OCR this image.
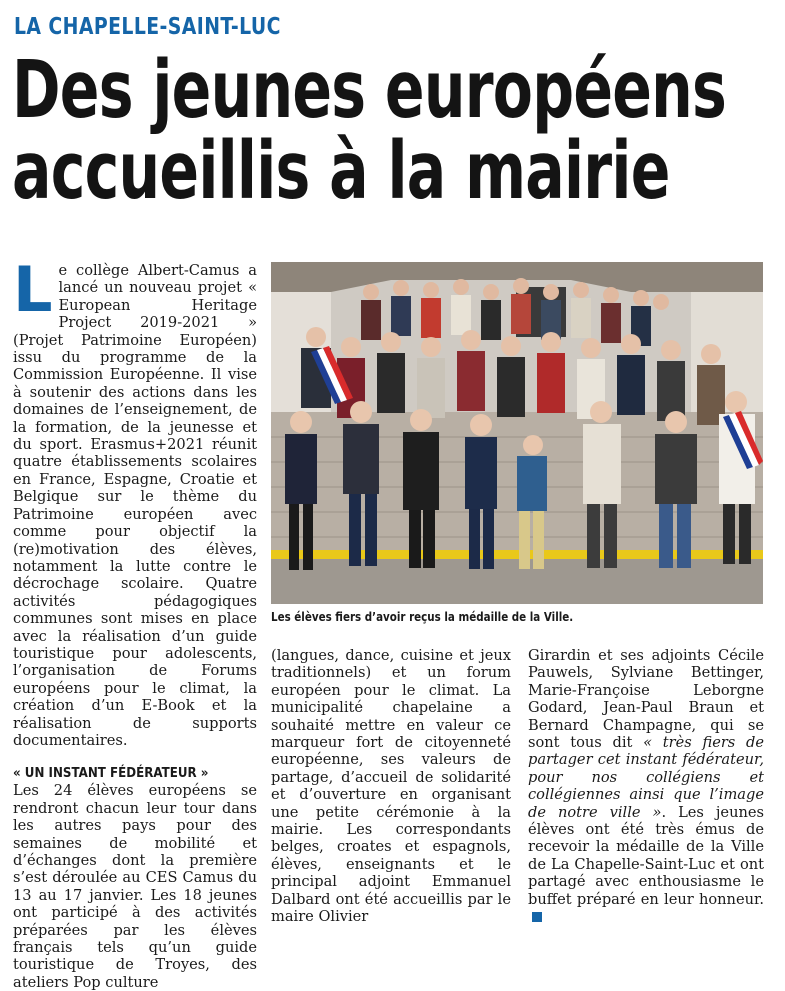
LA CHAPELLE-SAINT-LUC
Des jeunes européens
accueillis à la mairie

Le collège Albert-Camus a lancé un nouveau projet « European Heritage Project 2019-2021 » (Projet Patrimoine Européen) issu du programme de la Commission Européenne. Il vise à soutenir des actions dans les domaines de l’enseignement, de la formation, de la jeunesse et du sport. Erasmus+2021 réunit quatre établissements scolaires en France, Espagne, Croatie et Belgique sur le thème du Patrimoine européen avec comme pour objectif la (re)motivation des élèves, notamment la lutte contre le décrochage scolaire. Quatre activités pédagogiques communes sont mises en place avec la réalisation d’un guide touristique pour adolescents, l’organisation de Forums européens pour le climat, la création d’un E-Book et la réalisation de supports documentaires.

« UN INSTANT FÉDÉRATEUR »

Les 24 élèves européens se rendront chacun leur tour dans les autres pays pour des semaines de mobilité et d’échanges dont la première s’est déroulée au CES Camus du 13 au 17 janvier. Les 18 jeunes ont participé à des activités préparées par les élèves français tels qu’un guide touristique de Troyes, des ateliers Pop culture

Les élèves fiers d’avoir reçus la médaille de la Ville.

(langues, dance, cuisine et jeux traditionnels) et un forum européen pour le climat. La municipalité chapelaine a souhaité mettre en valeur ce marqueur fort de citoyenneté européenne, ses valeurs de partage, d’accueil de solidarité et d’ouverture en organisant une petite cérémonie à la mairie. Les correspondants belges, croates et espagnols, élèves, enseignants et le principal adjoint Emmanuel Dalbard ont été accueillis par le maire Olivier

Girardin et ses adjoints Cécile Pauwels, Sylviane Bettinger, Marie-Françoise Leborgne Godard, Jean-Paul Braun et Bernard Champagne, qui se sont tous dit « très fiers de partager cet instant fédérateur, pour nos collégiens et collégiennes ainsi que l’image de notre ville ». Les jeunes élèves ont été très émus de recevoir la médaille de la Ville de La Chapelle-Saint-Luc et ont partagé avec enthousiasme le buffet préparé en leur honneur.
